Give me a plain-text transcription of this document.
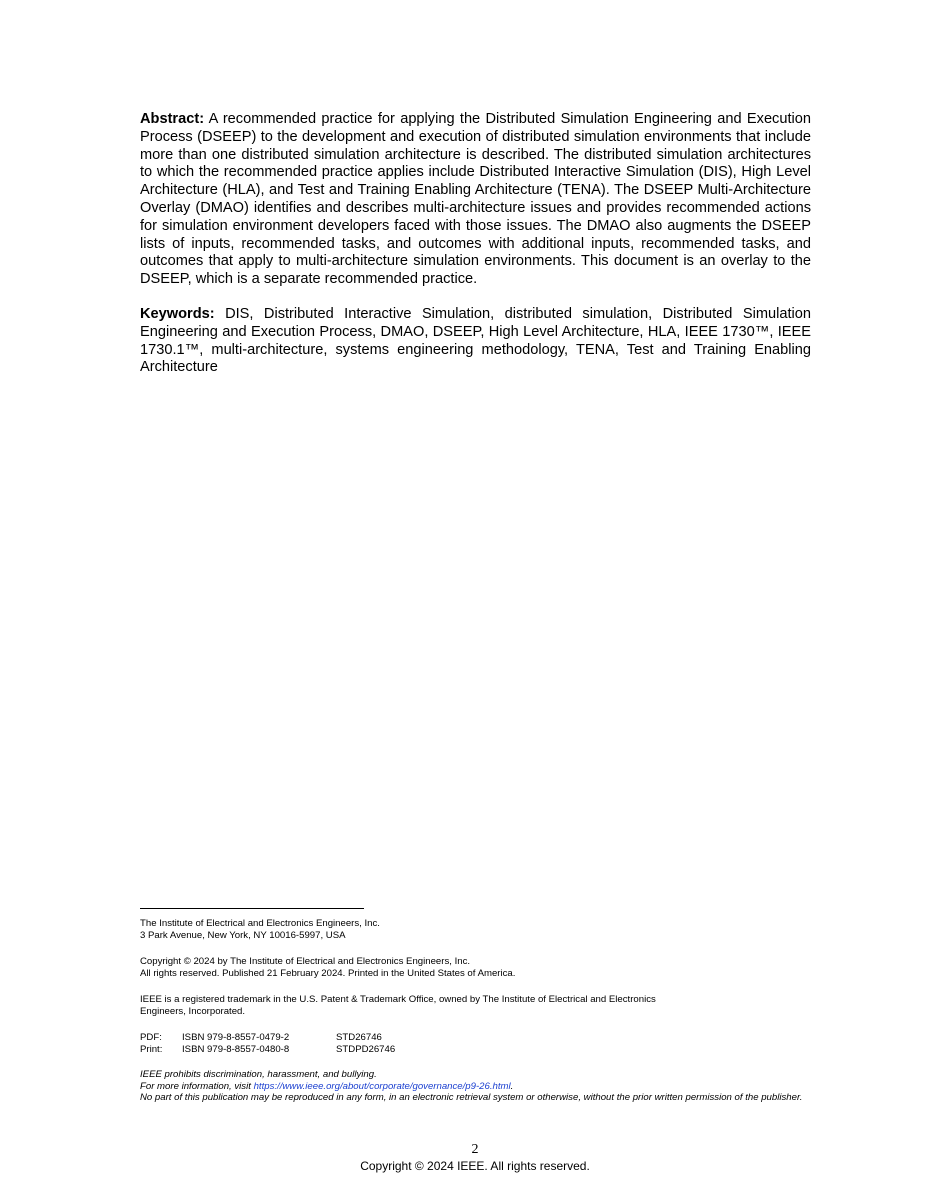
Abstract: A recommended practice for applying the Distributed Simulation Engineering and Execution Process (DSEEP) to the development and execution of distributed simulation environments that include more than one distributed simulation architecture is described. The distributed simulation architectures to which the recommended practice applies include Distributed Interactive Simulation (DIS), High Level Architecture (HLA), and Test and Training Enabling Architecture (TENA). The DSEEP Multi-Architecture Overlay (DMAO) identifies and describes multi-architecture issues and provides recommended actions for simulation environment developers faced with those issues. The DMAO also augments the DSEEP lists of inputs, recommended tasks, and outcomes with additional inputs, recommended tasks, and outcomes that apply to multi-architecture simulation environments. This document is an overlay to the DSEEP, which is a separate recommended practice.

Keywords: DIS, Distributed Interactive Simulation, distributed simulation, Distributed Simulation Engineering and Execution Process, DMAO, DSEEP, High Level Architecture, HLA, IEEE 1730™, IEEE 1730.1™, multi-architecture, systems engineering methodology, TENA, Test and Training Enabling Architecture

The Institute of Electrical and Electronics Engineers, Inc.
3 Park Avenue, New York, NY 10016-5997, USA
Copyright © 2024 by The Institute of Electrical and Electronics Engineers, Inc.
All rights reserved. Published 21 February 2024. Printed in the United States of America.
IEEE is a registered trademark in the U.S. Patent & Trademark Office, owned by The Institute of Electrical and Electronics
Engineers, Incorporated.
PDF:	ISBN 979-8-8557-0479-2	STD26746
Print:	ISBN 979-8-8557-0480-8	STDPD26746
IEEE prohibits discrimination, harassment, and bullying.
For more information, visit https://www.ieee.org/about/corporate/governance/p9-26.html.
No part of this publication may be reproduced in any form, in an electronic retrieval system or otherwise, without the prior written permission of the publisher.
2
Copyright © 2024 IEEE. All rights reserved.
